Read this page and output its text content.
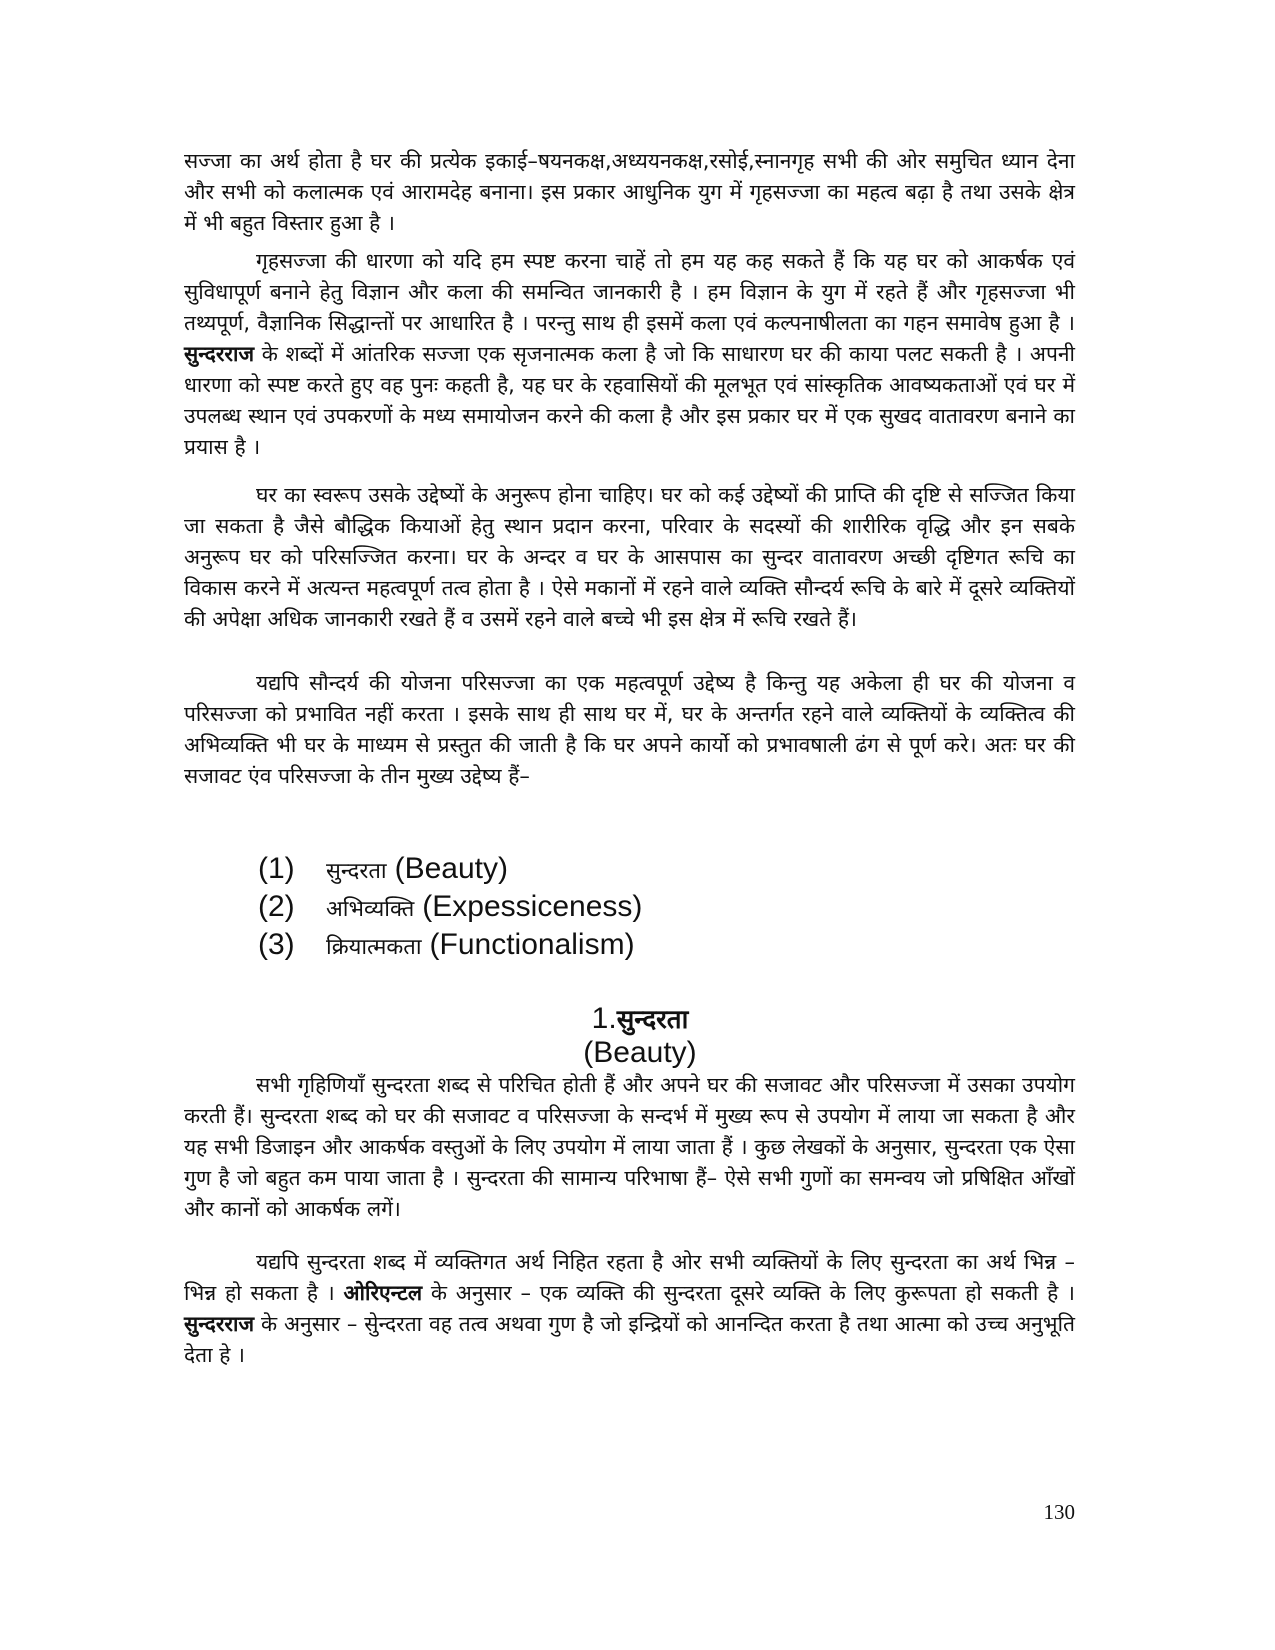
सज्जा का अर्थ होता है घर की प्रत्येक इकाई–षयनकक्ष,अध्ययनकक्ष,रसोई,स्नानगृह सभी की ओर समुचित ध्यान देना और सभी को कलात्मक एवं आरामदेह बनाना। इस प्रकार आधुनिक युग में गृहसज्जा का महत्व बढ़ा है तथा उसके क्षेत्र में भी बहुत विस्तार हुआ है ।

गृहसज्जा की धारणा को यदि हम स्पष्ट करना चाहें तो हम यह कह सकते हैं कि यह घर को आकर्षक एवं सुविधापूर्ण बनाने हेतु विज्ञान और कला की समन्वित जानकारी है । हम विज्ञान के युग में रहते हैं और गृहसज्जा भी तथ्यपूर्ण, वैज्ञानिक सिद्धान्तों पर आधारित है । परन्तु साथ ही इसमें कला एवं कल्पनाषीलता का गहन समावेष हुआ है । सुन्दरराज के शब्दों में आंतरिक सज्जा एक सृजनात्मक कला है जो कि साधारण घर की काया पलट सकती है । अपनी धारणा को स्पष्ट करते हुए वह पुनः कहती है, यह घर के रहवासियों की मूलभूत एवं सांस्कृतिक आवष्यकताओं एवं घर में उपलब्ध स्थान एवं उपकरणों के मध्य समायोजन करने की कला है और इस प्रकार घर में एक सुखद वातावरण बनाने का प्रयास है ।

घर का स्वरूप उसके उद्देष्यों के अनुरूप होना चाहिए। घर को कई उद्देष्यों की प्राप्ति की दृष्टि से सज्जित किया जा सकता है जैसे बौद्धिक कियाओं हेतु स्थान प्रदान करना, परिवार के सदस्यों की शारीरिक वृद्धि और इन सबके अनुरूप घर को परिसज्जित करना। घर के अन्दर व घर के आसपास का सुन्दर वातावरण अच्छी दृष्टिगत रूचि का विकास करने में अत्यन्त महत्वपूर्ण तत्व होता है । ऐसे मकानों में रहने वाले व्यक्ति सौन्दर्य रूचि के बारे में दूसरे व्यक्तियों की अपेक्षा अधिक जानकारी रखते हैं व उसमें रहने वाले बच्चे भी इस क्षेत्र में रूचि रखते हैं।

यद्यपि सौन्दर्य की योजना परिसज्जा का एक महत्वपूर्ण उद्देष्य है किन्तु यह अकेला ही घर की योजना व परिसज्जा को प्रभावित नहीं करता । इसके साथ ही साथ घर में, घर के अन्तर्गत रहने वाले व्यक्तियों के व्यक्तित्व की अभिव्यक्ति भी घर के माध्यम से प्रस्तुत की जाती है कि घर अपने कार्यो को प्रभावषाली ढंग से पूर्ण करे। अतः घर की सजावट एंव परिसज्जा के तीन मुख्य उद्देष्य हैं–

(1)	सुन्दरता (Beauty)
(2)	अभिव्यक्ति (Expessiceness)
(3)	क्रियात्मकता (Functionalism)
1.सुन्दरता
(Beauty)

सभी गृहिणियाँ सुन्दरता शब्द से परिचित होती हैं और अपने घर की सजावट और परिसज्जा में उसका उपयोग करती हैं। सुन्दरता शब्द को घर की सजावट व परिसज्जा के सन्दर्भ में मुख्य रूप से उपयोग में लाया जा सकता है और यह सभी डिजाइन और आकर्षक वस्तुओं के लिए उपयोग में लाया जाता हैं । कुछ लेखकों के अनुसार, सुन्दरता एक ऐसा गुण है जो बहुत कम पाया जाता है । सुन्दरता की सामान्य परिभाषा हैं– ऐसे सभी गुणों का समन्वय जो प्रषिक्षित आँखों और कानों को आकर्षक लगें।

यद्यपि सुन्दरता शब्द में व्यक्तिगत अर्थ निहित रहता है ओर सभी व्यक्तियों के लिए सुन्दरता का अर्थ भिन्न – भिन्न हो सकता है । ओरिएन्टल के अनुसार – एक व्यक्ति की सुन्दरता दूसरे व्यक्ति के लिए कुरूपता हो सकती है । सुन्दरराज के अनुसार – सुेन्दरता वह तत्व अथवा गुण है जो इन्द्रियों को आनन्दित करता है तथा आत्मा को उच्च अनुभूति देता हे ।

130
